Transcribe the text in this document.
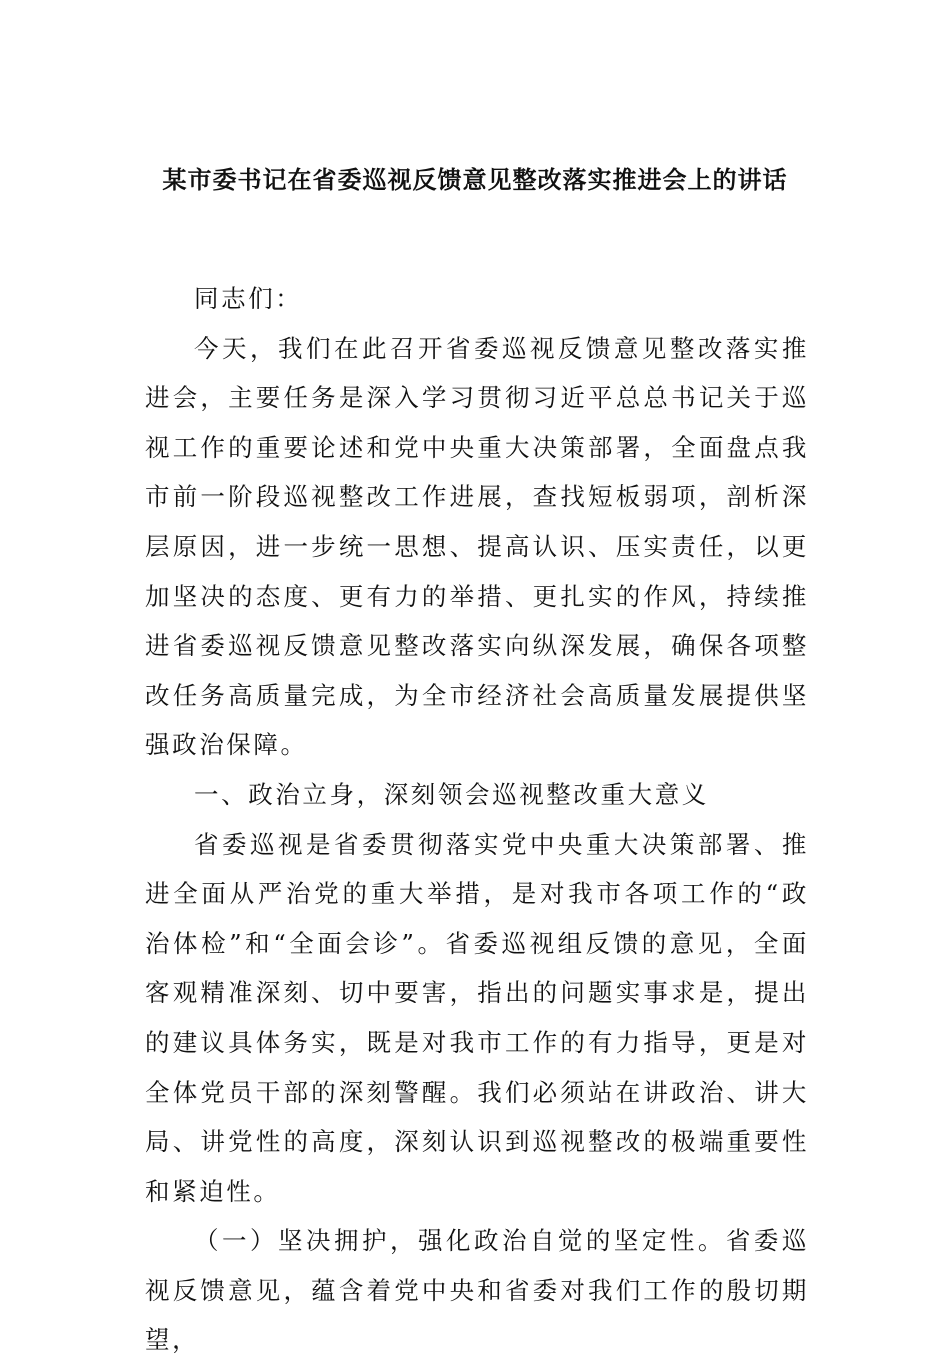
某市委书记在省委巡视反馈意见整改落实推进会上的讲话

同志们：

今天，我们在此召开省委巡视反馈意见整改落实推进会，主要任务是深入学习贯彻习近平总总书记关于巡视工作的重要论述和党中央重大决策部署，全面盘点我市前一阶段巡视整改工作进展，查找短板弱项，剖析深层原因，进一步统一思想、提高认识、压实责任，以更加坚决的态度、更有力的举措、更扎实的作风，持续推进省委巡视反馈意见整改落实向纵深发展，确保各项整改任务高质量完成，为全市经济社会高质量发展提供坚强政治保障。

一、政治立身，深刻领会巡视整改重大意义

省委巡视是省委贯彻落实党中央重大决策部署、推进全面从严治党的重大举措，是对我市各项工作的“政治体检”和“全面会诊”。省委巡视组反馈的意见，全面客观精准深刻、切中要害，指出的问题实事求是，提出的建议具体务实，既是对我市工作的有力指导，更是对全体党员干部的深刻警醒。我们必须站在讲政治、讲大局、讲党性的高度，深刻认识到巡视整改的极端重要性和紧迫性。

（一）坚决拥护，强化政治自觉的坚定性。省委巡视反馈意见，蕴含着党中央和省委对我们工作的殷切期望，
